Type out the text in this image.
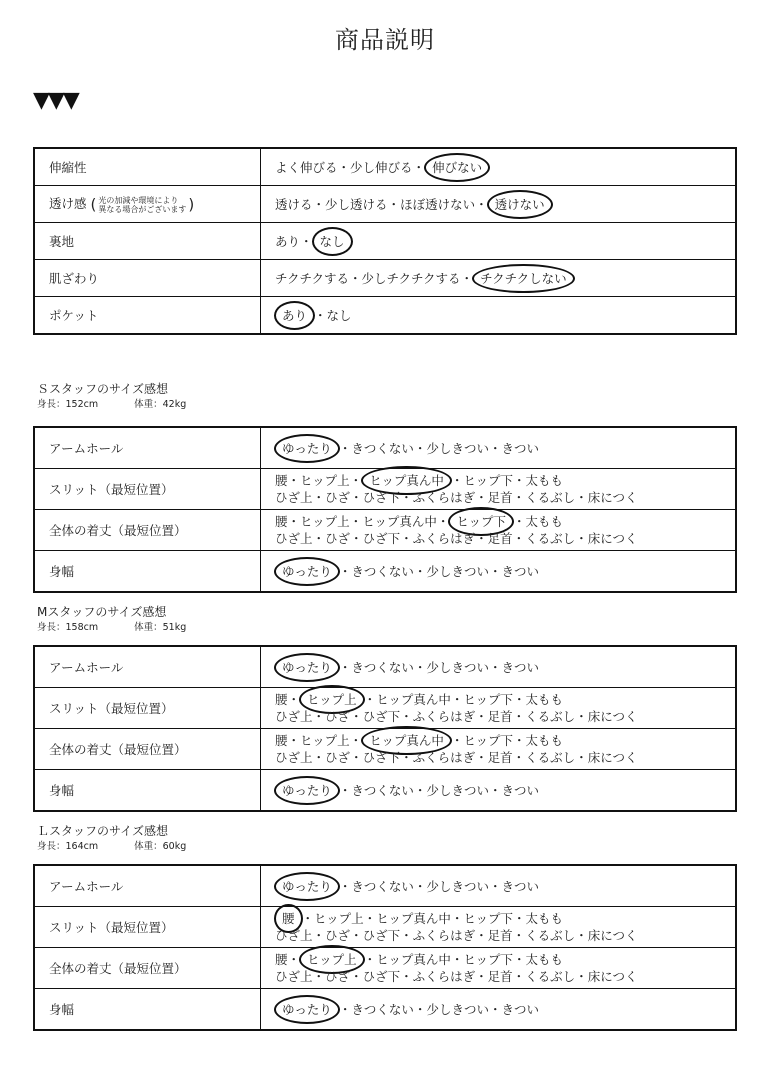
商品説明
▼▼▼
伸縮性	よく伸びる・少し伸びる・ 伸びない
透け感 ( 光の加減や環境により
異なる場合がございます )	透ける・少し透ける・ほぼ透けない・ 透けない
裏地	あり・ なし
肌ざわり	チクチクする・少しチクチクする・ チクチクしない
ポケット	あり ・なし
Ｓスタッフのサイズ感想
身長：152cm	体重：42kg
アームホール	ゆったり ・きつくない・少しきつい・きつい
スリット（最短位置）	腰・ヒップ上・ ヒップ真ん中 ・ヒップ下・太もも
ひざ上・ひざ・ひざ下・ふくらはぎ・足首・くるぶし・床につく
全体の着丈（最短位置）	腰・ヒップ上・ヒップ真ん中・ ヒップ下 ・太もも
ひざ上・ひざ・ひざ下・ふくらはぎ・足首・くるぶし・床につく
身幅	ゆったり ・きつくない・少しきつい・きつい
Mスタッフのサイズ感想
身長：158cm	体重：51kg
アームホール	ゆったり ・きつくない・少しきつい・きつい
スリット（最短位置）	腰・ ヒップ上 ・ヒップ真ん中・ヒップ下・太もも
ひざ上・ひざ・ひざ下・ふくらはぎ・足首・くるぶし・床につく
全体の着丈（最短位置）	腰・ヒップ上・ ヒップ真ん中 ・ヒップ下・太もも
ひざ上・ひざ・ひざ下・ふくらはぎ・足首・くるぶし・床につく
身幅	ゆったり ・きつくない・少しきつい・きつい
Ｌスタッフのサイズ感想
身長：164cm	体重：60kg
アームホール	ゆったり ・きつくない・少しきつい・きつい
スリット（最短位置）	腰 ・ヒップ上・ヒップ真ん中・ヒップ下・太もも
ひざ上・ひざ・ひざ下・ふくらはぎ・足首・くるぶし・床につく
全体の着丈（最短位置）	腰・ ヒップ上 ・ヒップ真ん中・ヒップ下・太もも
ひざ上・ひざ・ひざ下・ふくらはぎ・足首・くるぶし・床につく
身幅	ゆったり ・きつくない・少しきつい・きつい
